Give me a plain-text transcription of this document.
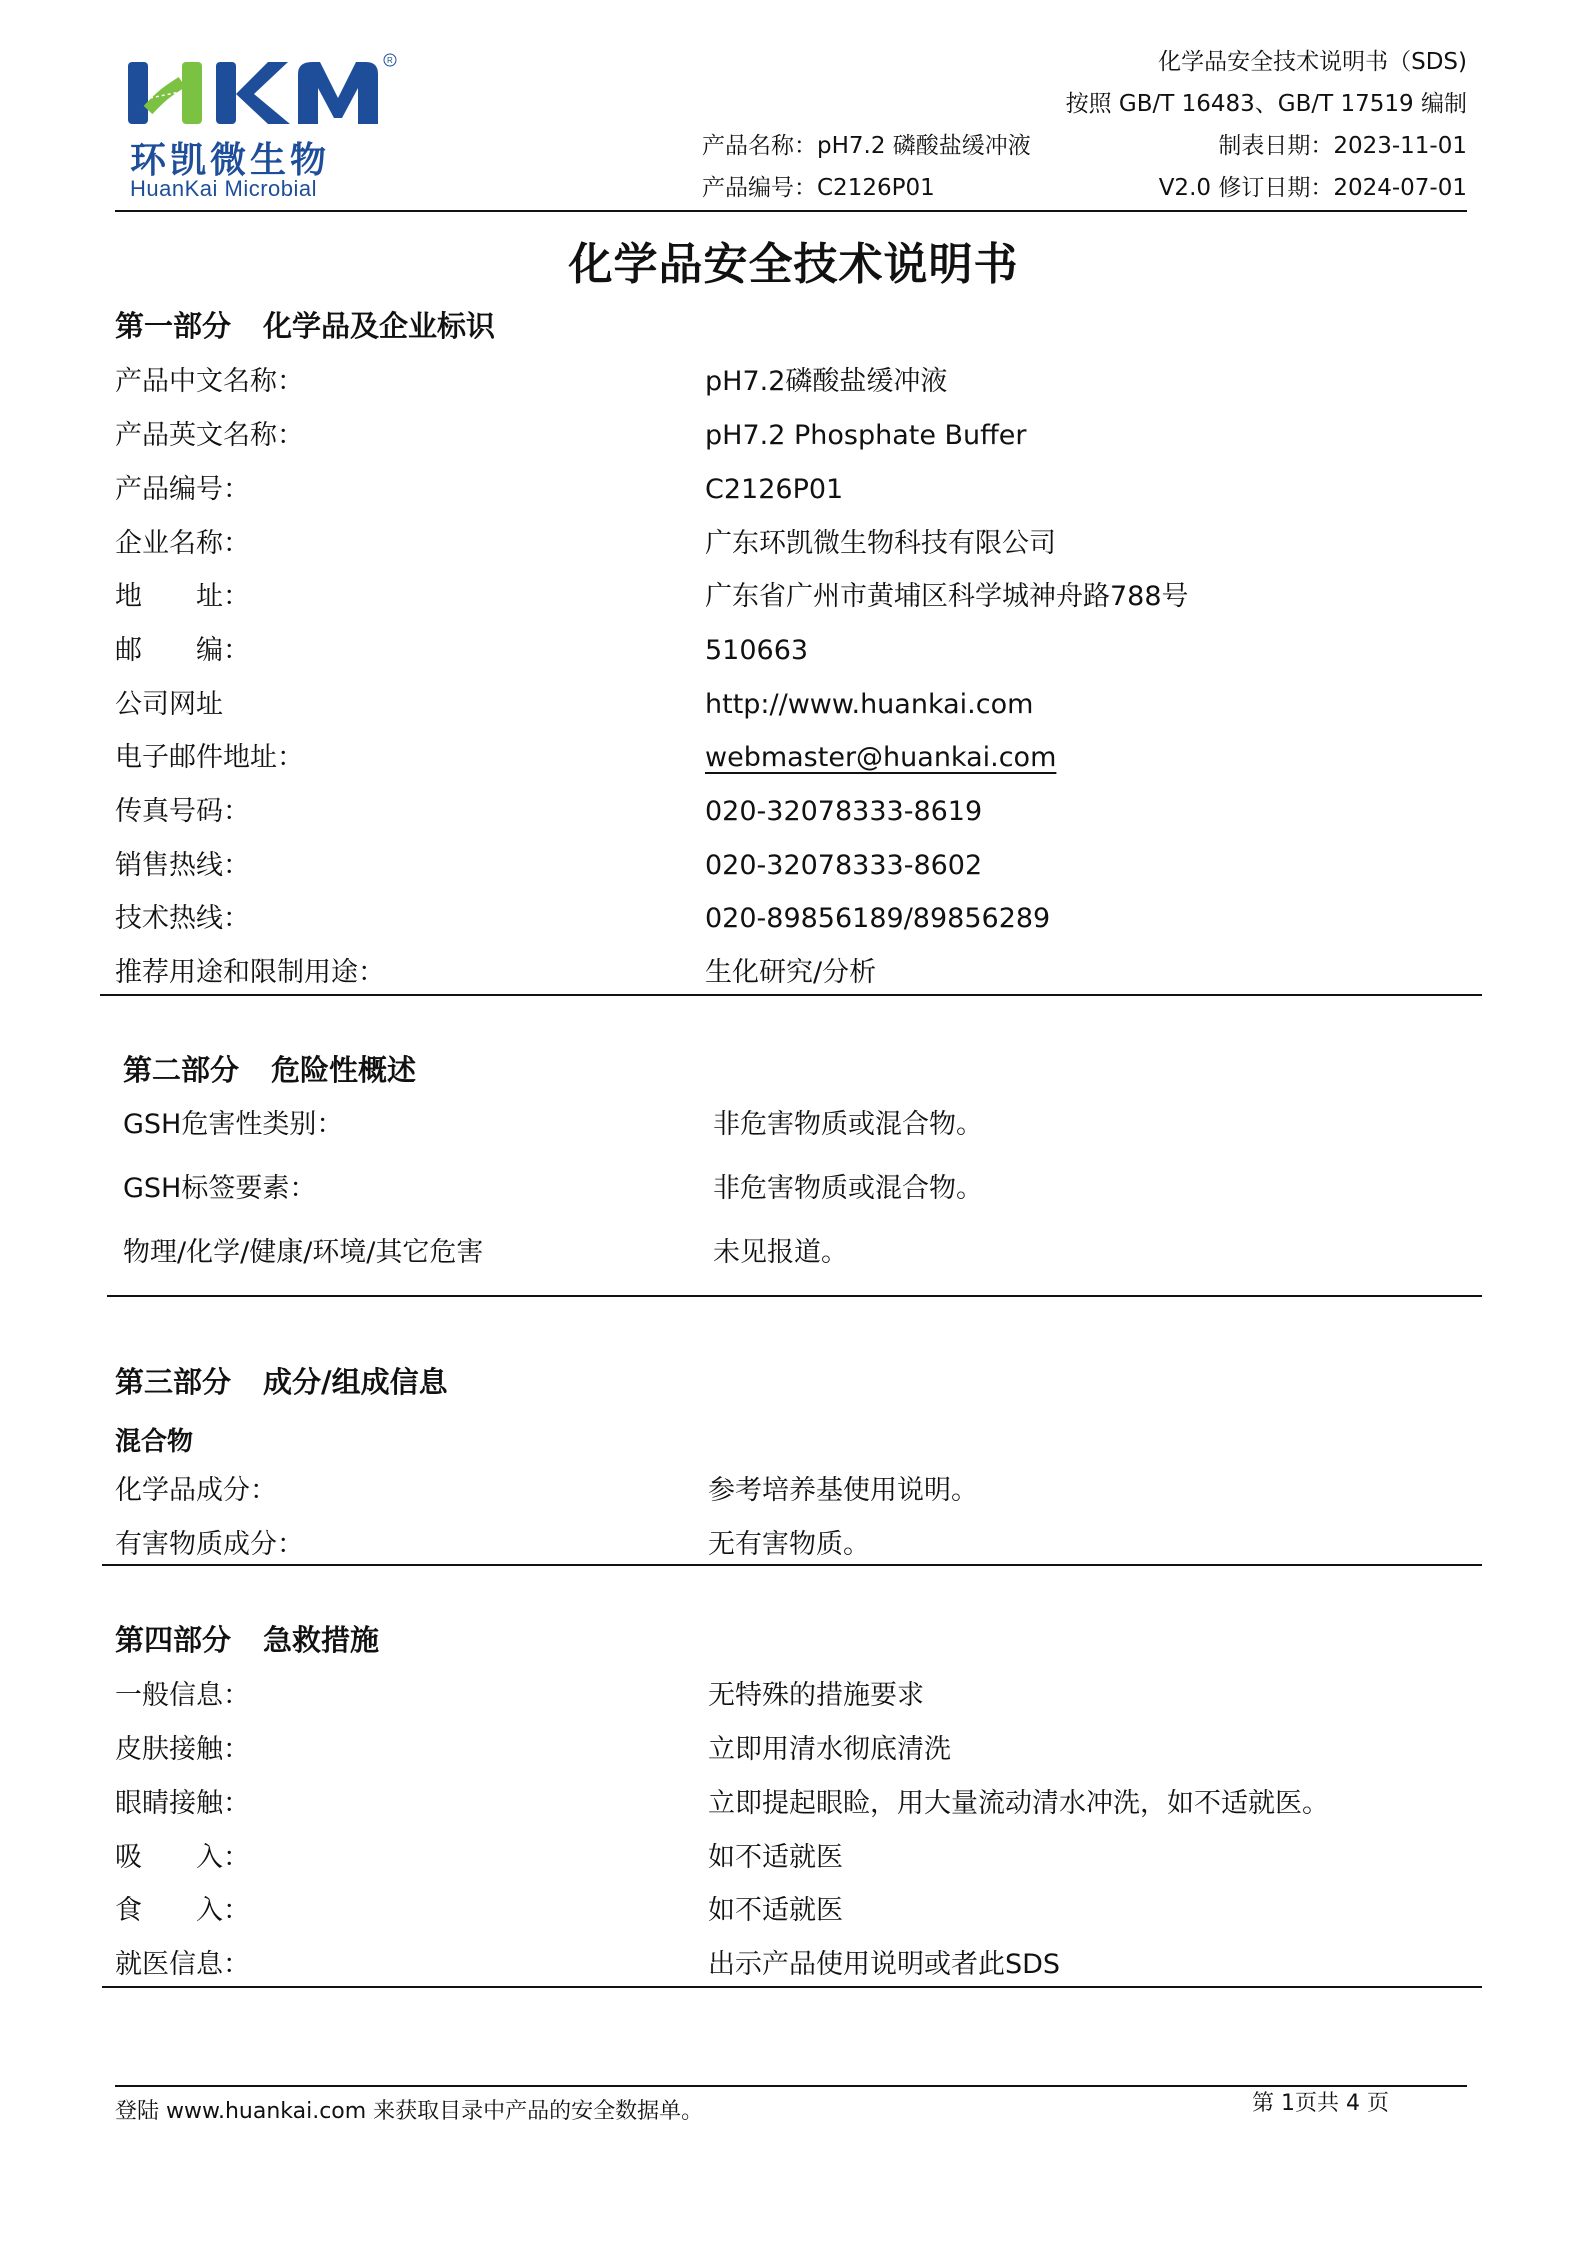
R
环凯微生物
HuanKai Microbial
化学品安全技术说明书（SDS)
按照 GB/T 16483、GB/T 17519 编制
产品名称：pH7.2 磷酸盐缓冲液	制表日期：2023-11-01
产品编号：C2126P01	V2.0 修订日期：2024-07-01
化学品安全技术说明书
第一部分 化学品及企业标识
产品中文名称：	pH7.2磷酸盐缓冲液
产品英文名称：	pH7.2 Phosphate Buffer
产品编号：	C2126P01
企业名称：	广东环凯微生物科技有限公司
地　　址：	广东省广州市黄埔区科学城神舟路788号
邮　　编：	510663
公司网址	http://www.huankai.com
电子邮件地址：	webmaster@huankai.com
传真号码：	020-32078333-8619
销售热线：	020-32078333-8602
技术热线：	020-89856189/89856289
推荐用途和限制用途：	生化研究/分析
第二部分 危险性概述
GSH危害性类别：	非危害物质或混合物。
GSH标签要素：	非危害物质或混合物。
物理/化学/健康/环境/其它危害	未见报道。
第三部分 成分/组成信息
混合物
化学品成分：	参考培养基使用说明。
有害物质成分：	无有害物质。
第四部分 急救措施
一般信息：	无特殊的措施要求
皮肤接触：	立即用清水彻底清洗
眼睛接触：	立即提起眼睑，用大量流动清水冲洗，如不适就医。
吸　　入：	如不适就医
食　　入：	如不适就医
就医信息：	出示产品使用说明或者此SDS
登陆 www.huankai.com 来获取目录中产品的安全数据单。	第 1页共 4 页
